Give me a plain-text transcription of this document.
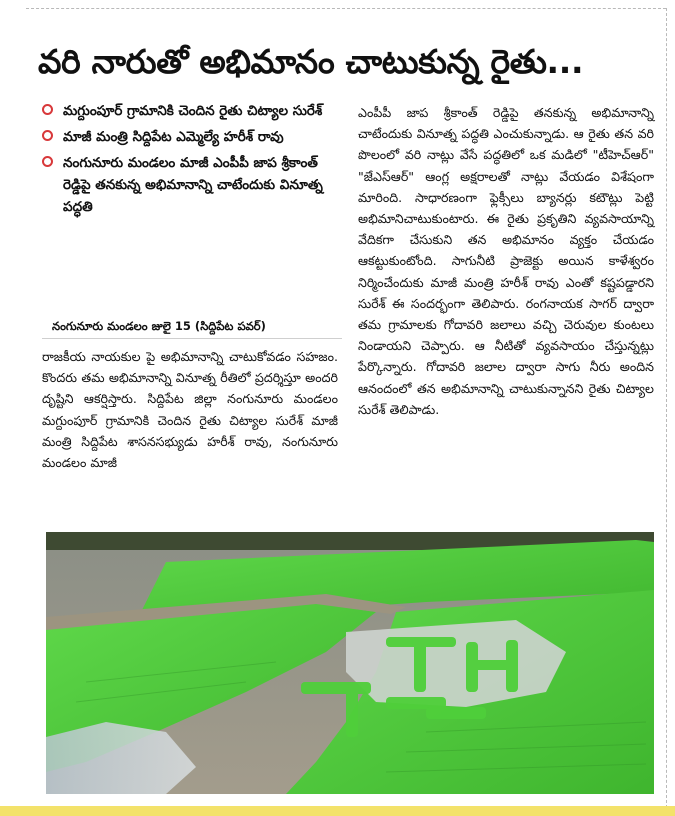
వరి నారుతో అభిమానం చాటుకున్న రైతు...
మగ్దుంపూర్ గ్రామానికి చెందిన రైతు చిట్యాల సురేశ్
మాజీ మంత్రి సిద్దిపేట ఎమ్మెల్యే హరీశ్ రావు
నంగునూరు మండలం మాజీ ఎంపీపీ జాప శ్రీకాంత్ రెడ్డిపై తనకున్న అభిమానాన్ని చాటేందుకు వినూత్న పద్ధతి
నంగునూరు మండలం జులై 15 (సిద్దిపేట పవర్)
రాజకీయ నాయకుల పై అభిమానాన్ని చాటుకోవడం సహజం. కొందరు తమ అభిమానాన్ని వినూత్న రీతిలో ప్రదర్శిస్తూ అందరి దృష్టిని ఆకర్షిస్తారు. సిద్దిపేట జిల్లా నంగునూరు మండలం మగ్దుంపూర్ గ్రామానికి చెందిన రైతు చిట్యాల సురేశ్ మాజీ మంత్రి సిద్దిపేట శాసనసభ్యుడు హరీశ్ రావు, నంగునూరు మండలం మాజీ
ఎంపీపీ జాప శ్రీకాంత్ రెడ్డిపై తనకున్న అభిమానాన్ని చాటేందుకు వినూత్న పద్ధతి ఎంచుకున్నాడు. ఆ రైతు తన వరి పొలంలో వరి నాట్లు వేసే పద్ధతిలో ఒక మడిలో "టీహెచ్ఆర్" "జేఎస్ఆర్" ఆంగ్ల అక్షరాలతో నాట్లు వేయడం విశేషంగా మారింది. సాధారణంగా ఫ్లెక్సీలు బ్యానర్లు కటౌట్లు పెట్టి అభిమానిచాటుకుంటారు. ఈ రైతు ప్రకృతిని వ్యవసాయాన్ని వేదికగా చేసుకుని తన అభిమానం వ్యక్తం చేయడం ఆకట్టుకుంటోంది. సాగునీటి ప్రాజెక్టు అయిన కాళేశ్వరం నిర్మించేందుకు మాజీ మంత్రి హరీశ్ రావు ఎంతో కష్టపడ్డారని సురేశ్ ఈ సందర్భంగా తెలిపారు. రంగనాయక సాగర్ ద్వారా తమ గ్రామాలకు గోదావరి జలాలు వచ్చి చెరువుల కుంటలు నిండాయని చెప్పారు. ఆ నీటితో వ్యవసాయం చేస్తున్నట్లు పేర్కొన్నారు. గోదావరి జలాల ద్వారా సాగు నీరు అందిన ఆనందంలో తన అభిమానాన్ని చాటుకున్నానని రైతు చిట్యాల సురేశ్ తెలిపాడు.
